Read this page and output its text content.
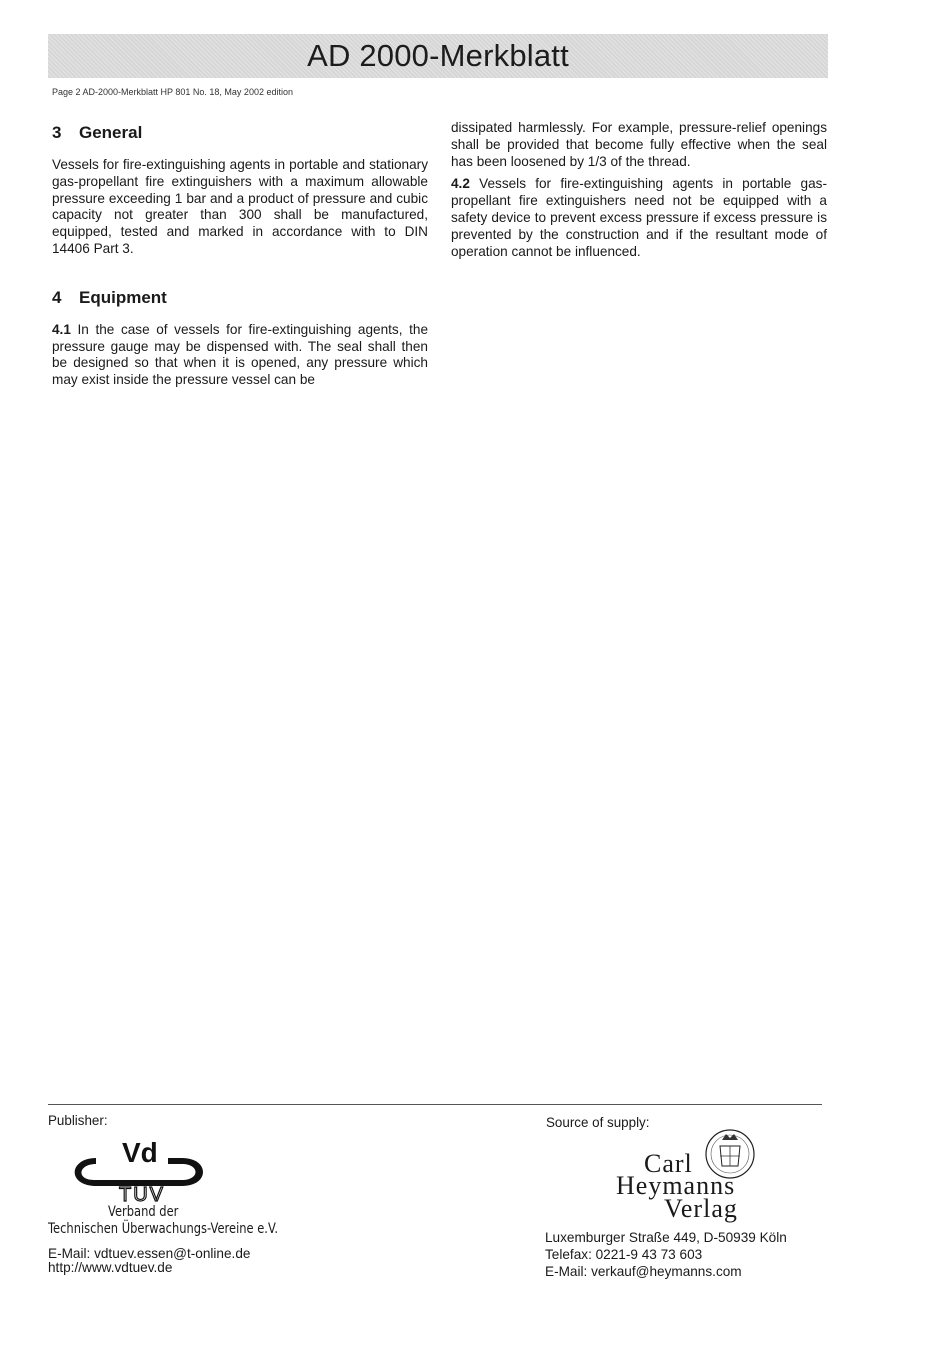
AD 2000-Merkblatt
Page 2 AD-2000-Merkblatt HP 801 No. 18, May 2002 edition
3 General

Vessels for fire-extinguishing agents in portable and stationary gas-propellant fire extinguishers with a maximum allowable pressure exceeding 1 bar and a product of pressure and cubic capacity not greater than 300 shall be manufactured, equipped, tested and marked in accordance with to DIN 14406 Part 3.

4 Equipment

4.1 In the case of vessels for fire-extinguishing agents, the pressure gauge may be dispensed with. The seal shall then be designed so that when it is opened, any pressure which may exist inside the pressure vessel can be

dissipated harmlessly. For example, pressure-relief openings shall be provided that become fully effective when the seal has been loosened by 1/3 of the thread.

4.2 Vessels for fire-extinguishing agents in portable gas-propellant fire extinguishers need not be equipped with a safety device to prevent excess pressure if excess pressure is prevented by the construction and if the resultant mode of operation cannot be influenced.

Publisher:
Vd
TÜV
Verband der
Technischen Überwachungs-Vereine e.V.
E-Mail: vdtuev.essen@t-online.de
http://www.vdtuev.de
Source of supply:
Carl
Heymanns
Verlag
Luxemburger Straße 449, D-50939 Köln
Telefax: 0221-9 43 73 603
E-Mail: verkauf@heymanns.com
